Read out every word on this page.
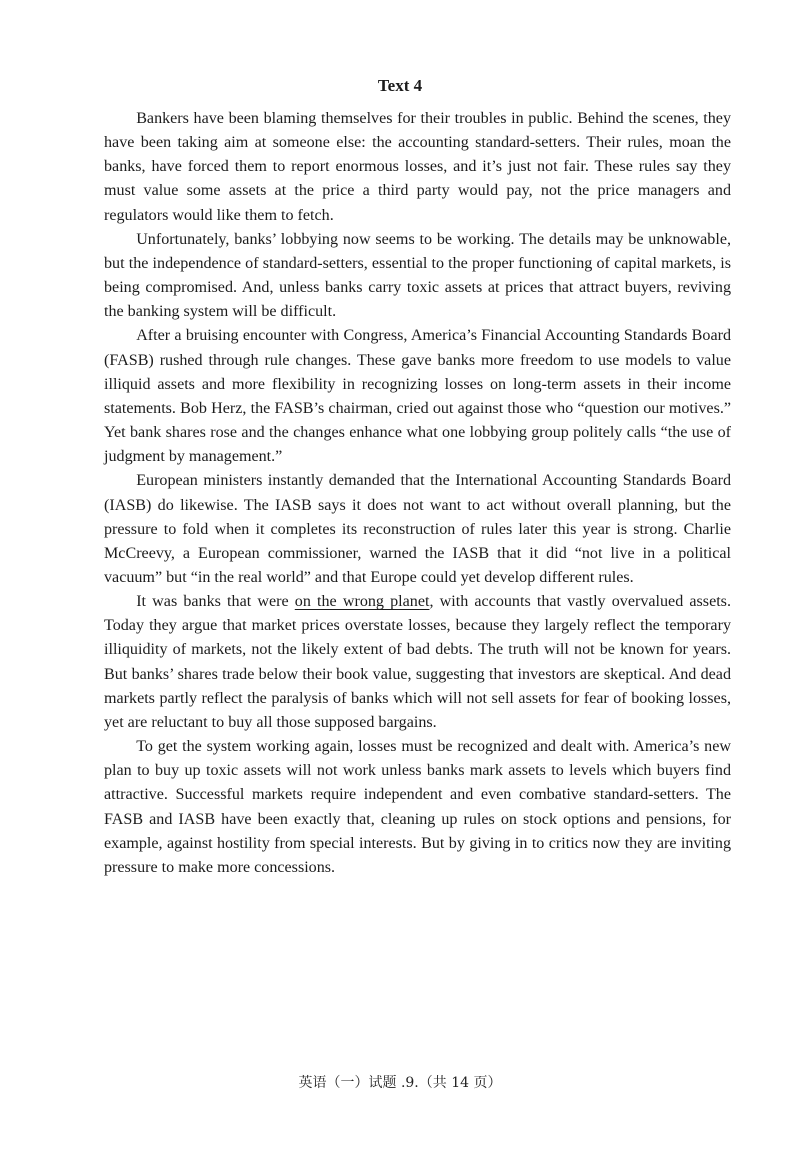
Text 4

Bankers have been blaming themselves for their troubles in public. Behind the scenes, they have been taking aim at someone else: the accounting standard-setters. Their rules, moan the banks, have forced them to report enormous losses, and it’s just not fair. These rules say they must value some assets at the price a third party would pay, not the price managers and regulators would like them to fetch.

Unfortunately, banks’ lobbying now seems to be working. The details may be unknowable, but the independence of standard-setters, essential to the proper functioning of capital markets, is being compromised. And, unless banks carry toxic assets at prices that attract buyers, reviving the banking system will be difficult.

After a bruising encounter with Congress, America’s Financial Accounting Standards Board (FASB) rushed through rule changes. These gave banks more freedom to use models to value illiquid assets and more flexibility in recognizing losses on long-term assets in their income statements. Bob Herz, the FASB’s chairman, cried out against those who “question our motives.” Yet bank shares rose and the changes enhance what one lobbying group politely calls “the use of judgment by management.”

European ministers instantly demanded that the International Accounting Standards Board (IASB) do likewise. The IASB says it does not want to act without overall planning, but the pressure to fold when it completes its reconstruction of rules later this year is strong. Charlie McCreevy, a European commissioner, warned the IASB that it did “not live in a political vacuum” but “in the real world” and that Europe could yet develop different rules.

It was banks that were on the wrong planet, with accounts that vastly overvalued assets. Today they argue that market prices overstate losses, because they largely reflect the temporary illiquidity of markets, not the likely extent of bad debts. The truth will not be known for years. But banks’ shares trade below their book value, suggesting that investors are skeptical. And dead markets partly reflect the paralysis of banks which will not sell assets for fear of booking losses, yet are reluctant to buy all those supposed bargains.

To get the system working again, losses must be recognized and dealt with. America’s new plan to buy up toxic assets will not work unless banks mark assets to levels which buyers find attractive. Successful markets require independent and even combative standard-setters. The FASB and IASB have been exactly that, cleaning up rules on stock options and pensions, for example, against hostility from special interests. But by giving in to critics now they are inviting pressure to make more concessions.

英语（一）试题 .9.（共 14 页）
